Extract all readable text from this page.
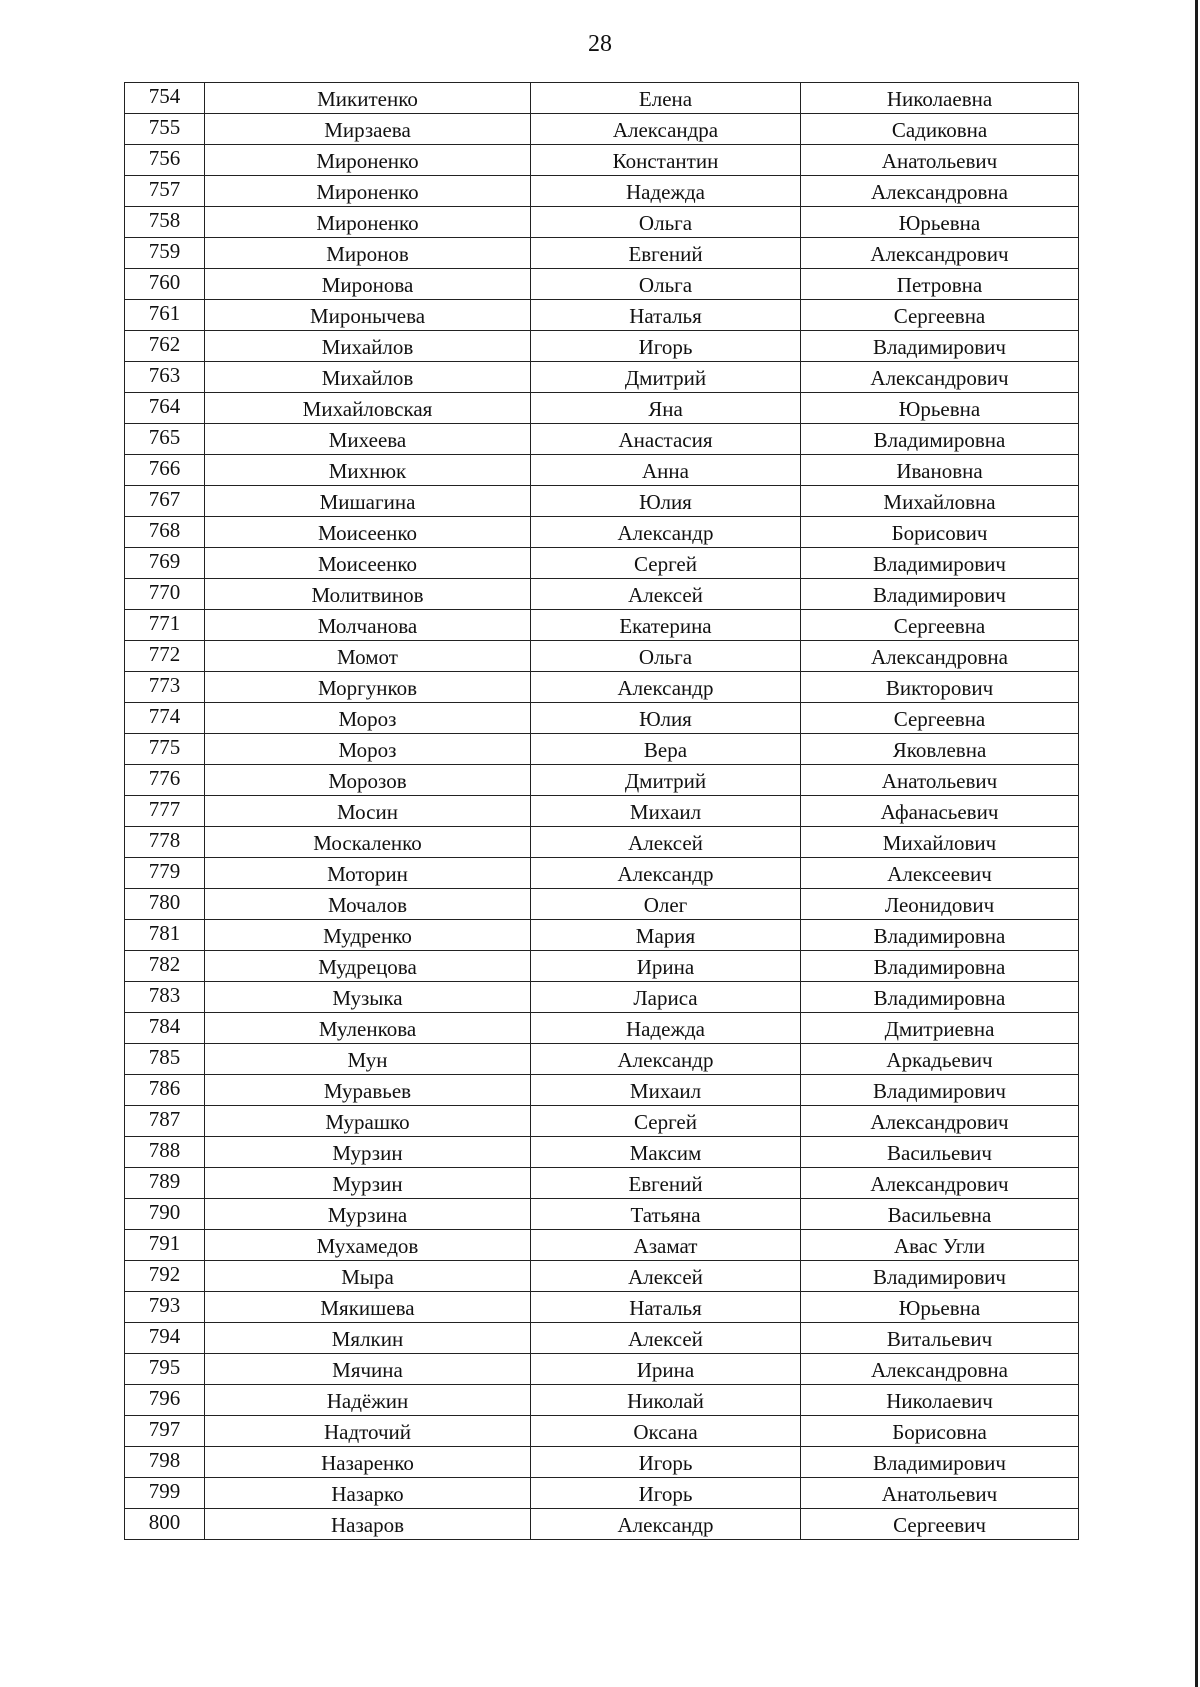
28
754	Микитенко	Елена	Николаевна
755	Мирзаева	Александра	Садиковна
756	Мироненко	Константин	Анатольевич
757	Мироненко	Надежда	Александровна
758	Мироненко	Ольга	Юрьевна
759	Миронов	Евгений	Александрович
760	Миронова	Ольга	Петровна
761	Миронычева	Наталья	Сергеевна
762	Михайлов	Игорь	Владимирович
763	Михайлов	Дмитрий	Александрович
764	Михайловская	Яна	Юрьевна
765	Михеева	Анастасия	Владимировна
766	Михнюк	Анна	Ивановна
767	Мишагина	Юлия	Михайловна
768	Моисеенко	Александр	Борисович
769	Моисеенко	Сергей	Владимирович
770	Молитвинов	Алексей	Владимирович
771	Молчанова	Екатерина	Сергеевна
772	Момот	Ольга	Александровна
773	Моргунков	Александр	Викторович
774	Мороз	Юлия	Сергеевна
775	Мороз	Вера	Яковлевна
776	Морозов	Дмитрий	Анатольевич
777	Мосин	Михаил	Афанасьевич
778	Москаленко	Алексей	Михайлович
779	Моторин	Александр	Алексеевич
780	Мочалов	Олег	Леонидович
781	Мудренко	Мария	Владимировна
782	Мудрецова	Ирина	Владимировна
783	Музыка	Лариса	Владимировна
784	Муленкова	Надежда	Дмитриевна
785	Мун	Александр	Аркадьевич
786	Муравьев	Михаил	Владимирович
787	Мурашко	Сергей	Александрович
788	Мурзин	Максим	Васильевич
789	Мурзин	Евгений	Александрович
790	Мурзина	Татьяна	Васильевна
791	Мухамедов	Азамат	Авас Угли
792	Мыра	Алексей	Владимирович
793	Мякишева	Наталья	Юрьевна
794	Мялкин	Алексей	Витальевич
795	Мячина	Ирина	Александровна
796	Надёжин	Николай	Николаевич
797	Надточий	Оксана	Борисовна
798	Назаренко	Игорь	Владимирович
799	Назарко	Игорь	Анатольевич
800	Назаров	Александр	Сергеевич
